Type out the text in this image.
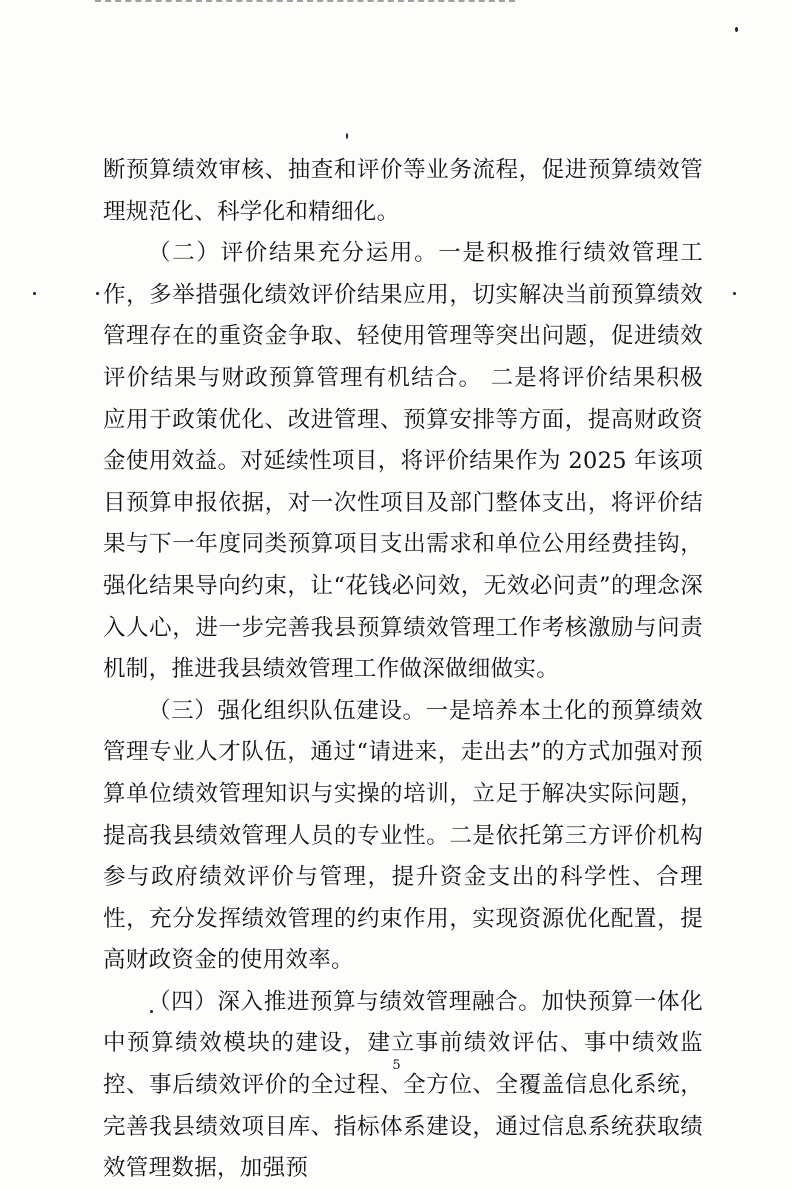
断预算绩效审核、抽查和评价等业务流程，促进预算绩效管理规范化、科学化和精细化。

（二）评价结果充分运用。一是积极推行绩效管理工作，多举措强化绩效评价结果应用，切实解决当前预算绩效管理存在的重资金争取、轻使用管理等突出问题，促进绩效评价结果与财政预算管理有机结合。 二是将评价结果积极应用于政策优化、改进管理、预算安排等方面，提高财政资金使用效益。对延续性项目，将评价结果作为 2025 年该项目预算申报依据，对一次性项目及部门整体支出，将评价结果与下一年度同类预算项目支出需求和单位公用经费挂钩，强化结果导向约束，让“花钱必问效，无效必问责”的理念深入人心，进一步完善我县预算绩效管理工作考核激励与问责机制，推进我县绩效管理工作做深做细做实。

（三）强化组织队伍建设。一是培养本土化的预算绩效管理专业人才队伍，通过“请进来，走出去”的方式加强对预算单位绩效管理知识与实操的培训，立足于解决实际问题，提高我县绩效管理人员的专业性。二是依托第三方评价机构参与政府绩效评价与管理，提升资金支出的科学性、合理性，充分发挥绩效管理的约束作用，实现资源优化配置，提高财政资金的使用效率。

（四）深入推进预算与绩效管理融合。加快预算一体化中预算绩效模块的建设，建立事前绩效评估、事中绩效监控、事后绩效评价的全过程、全方位、全覆盖信息化系统，完善我县绩效项目库、指标体系建设，通过信息系统获取绩效管理数据，加强预

5
